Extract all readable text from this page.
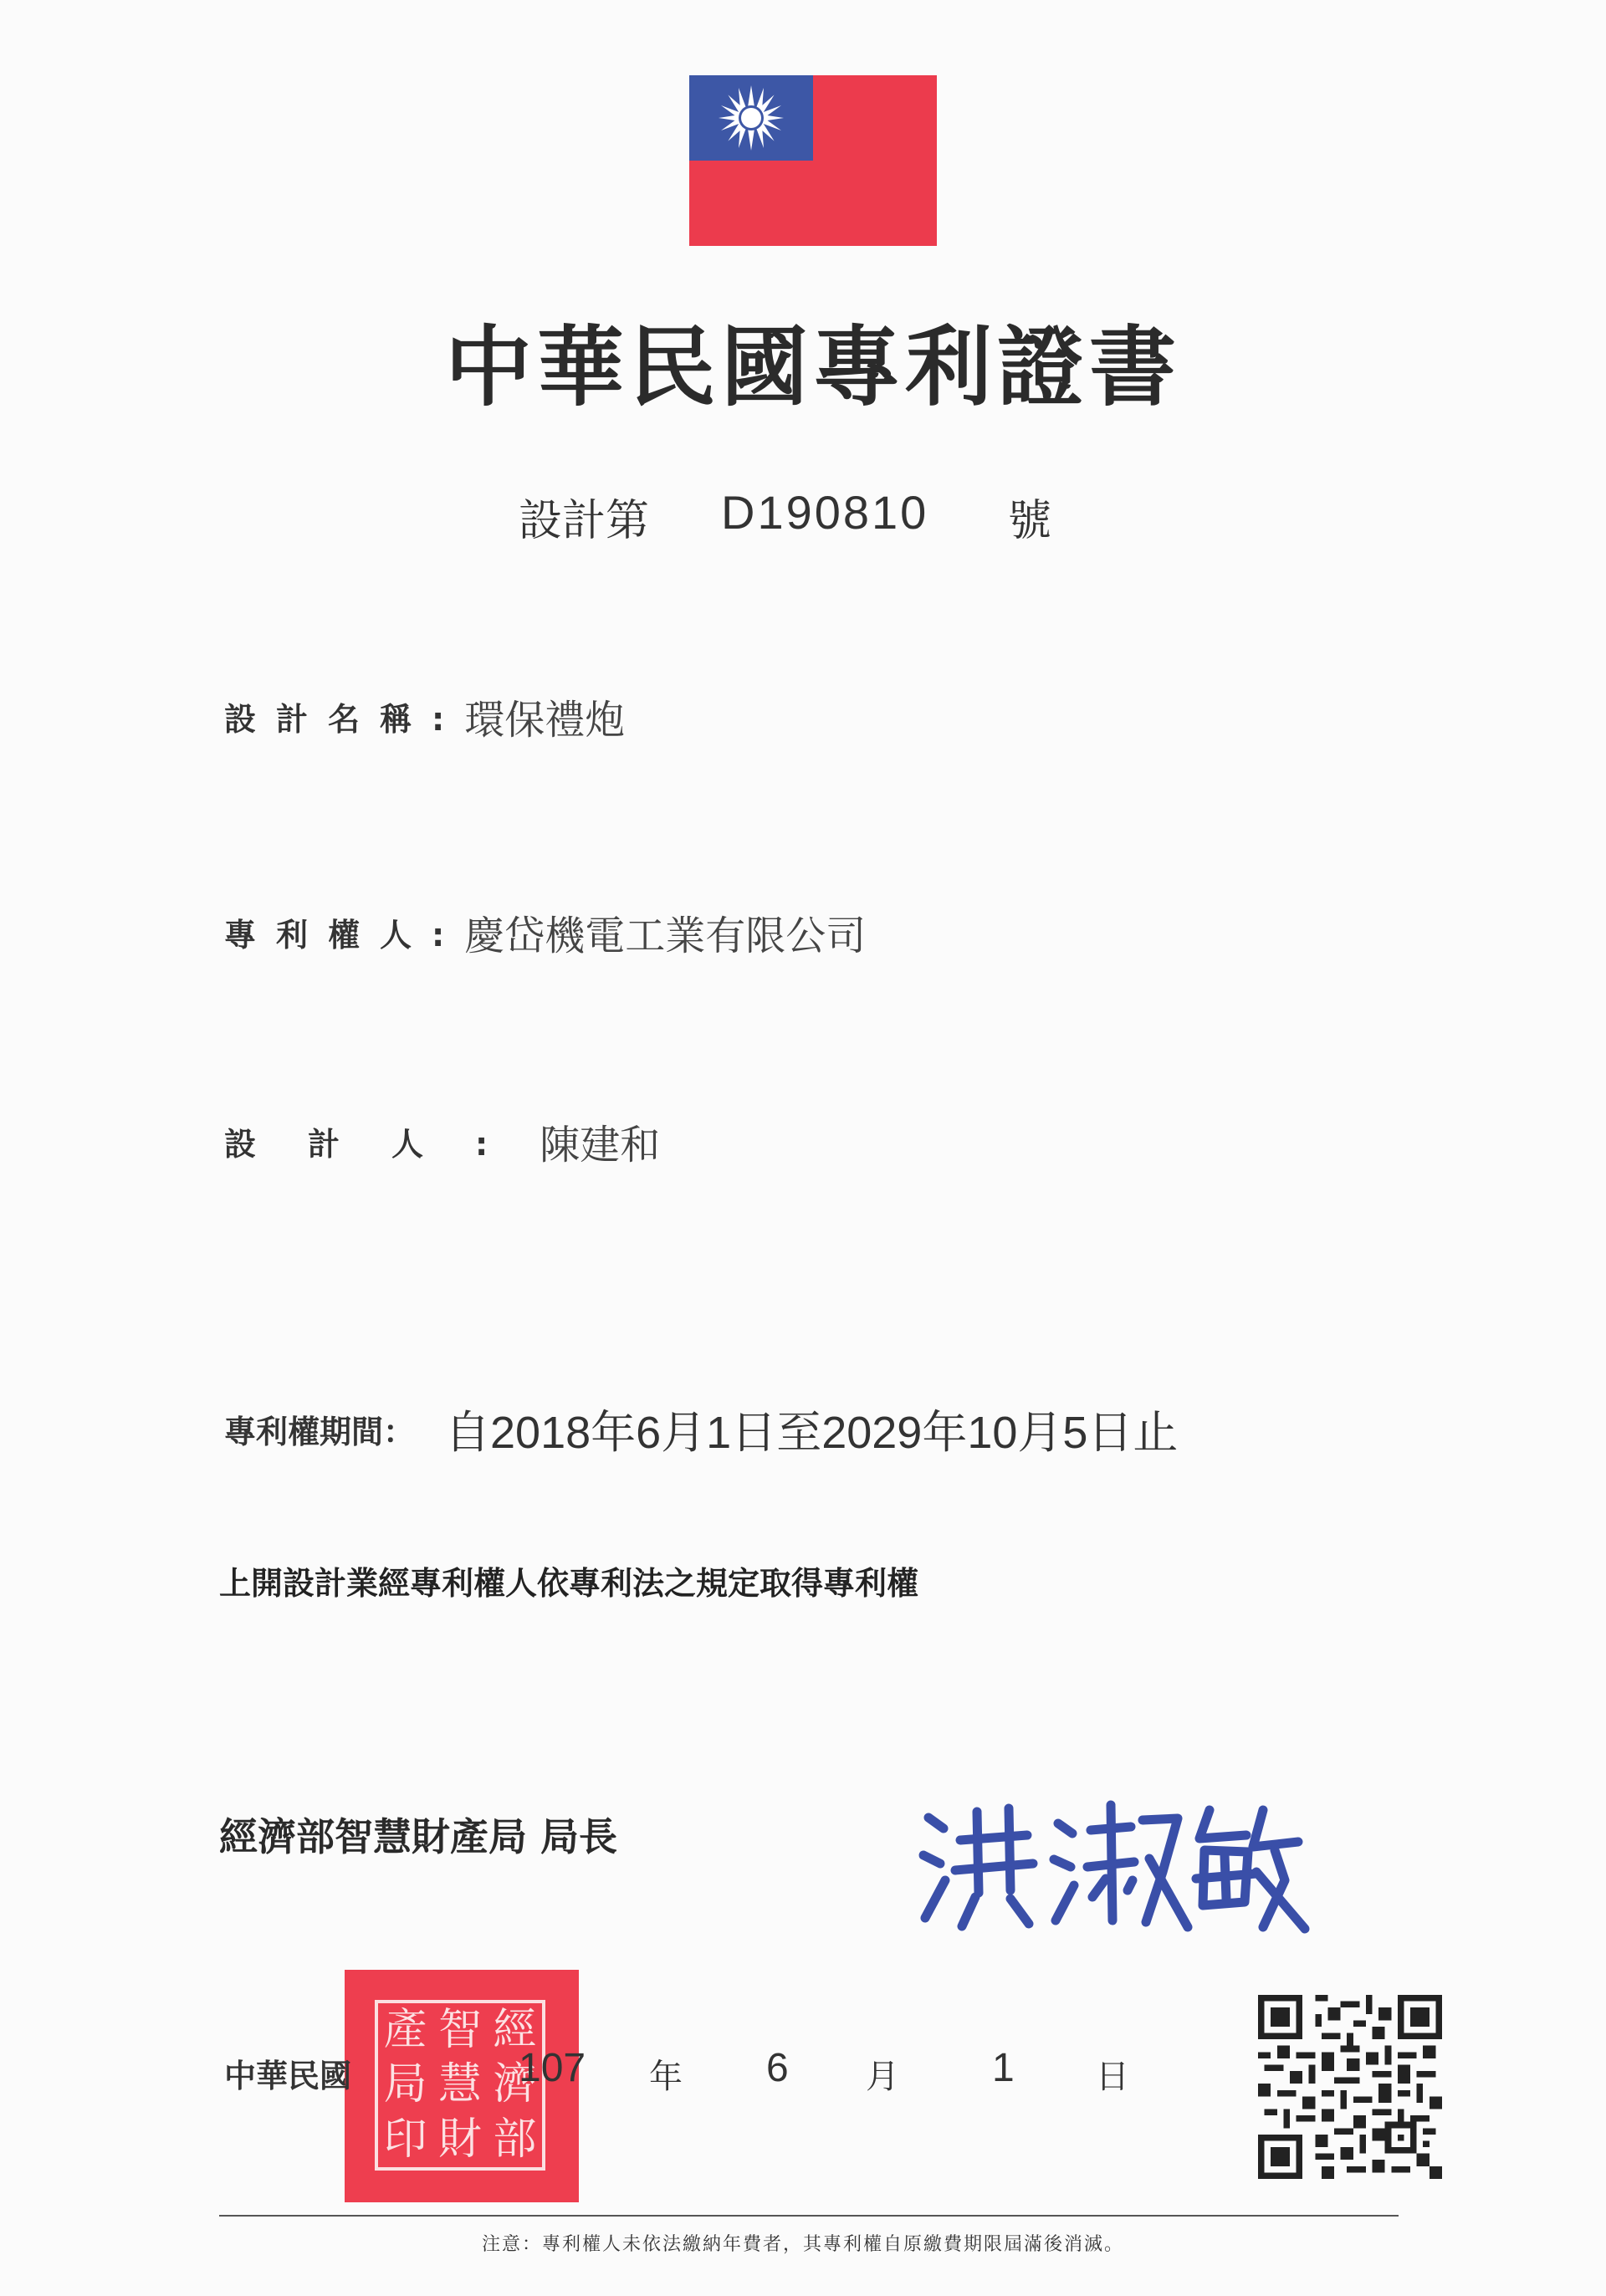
中華民國專利證書
設計第 D190810 號
設計名稱:環保禮炮
專利權人:慶岱機電工業有限公司
設計人:陳建和
專利權期間： 自2018年6月1日至2029年10月5日止
上開設計業經專利權人依專利法之規定取得專利權
經濟部智慧財產局 局長
產 智 經
局 慧 濟
印 財 部
中華民國	107 年 6 月 1 日
注意：專利權人未依法繳納年費者，其專利權自原繳費期限屆滿後消滅。
